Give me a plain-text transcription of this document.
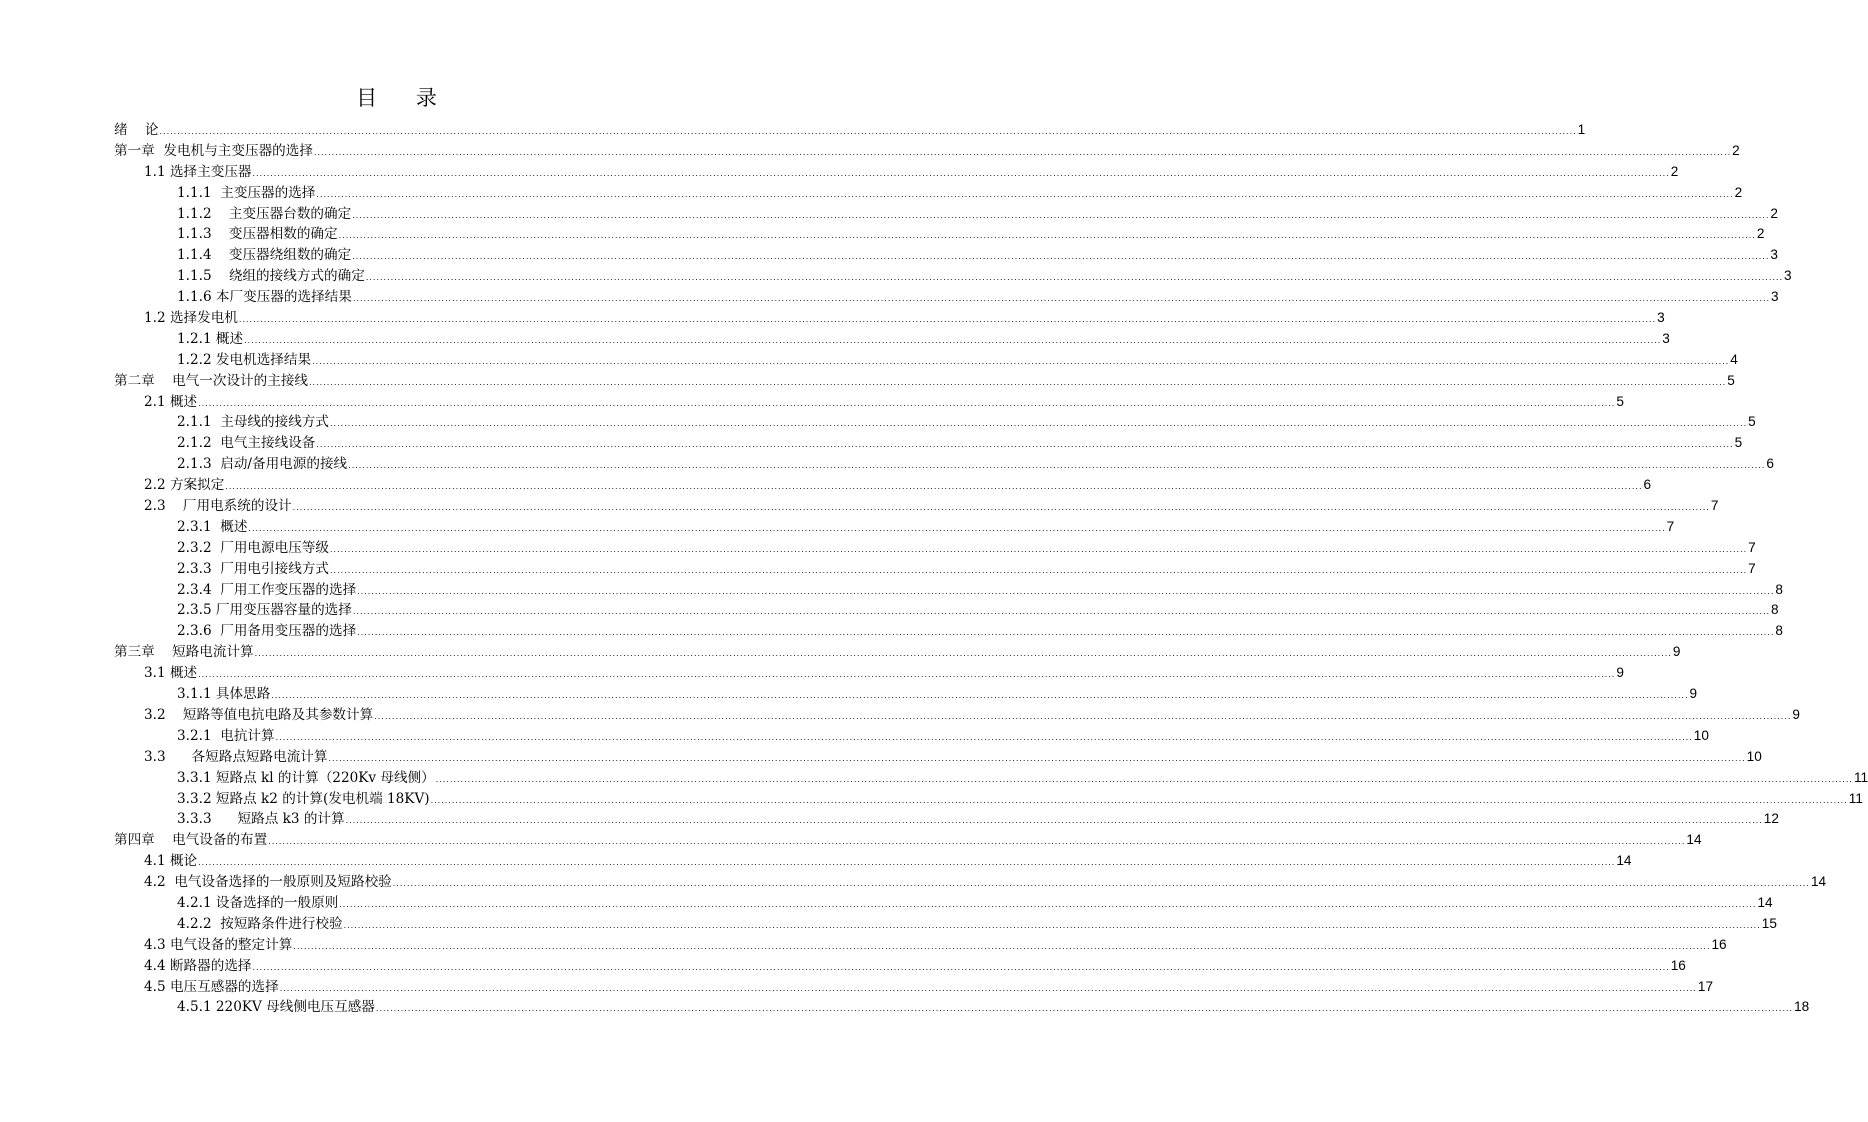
目 录
绪    论 ................................................................................................................................................................................................................................................................................................................................................................................................................ 1
第一章  发电机与主变压器的选择 ................................................................................................................................................................................................................................................................................................................................................................................................................ 2
1.1 选择主变压器 ................................................................................................................................................................................................................................................................................................................................................................................................................ 2
1.1.1  主变压器的选择 ................................................................................................................................................................................................................................................................................................................................................................................................................ 2
1.1.2    主变压器台数的确定 ................................................................................................................................................................................................................................................................................................................................................................................................................ 2
1.1.3    变压器相数的确定 ................................................................................................................................................................................................................................................................................................................................................................................................................ 2
1.1.4    变压器绕组数的确定 ................................................................................................................................................................................................................................................................................................................................................................................................................ 3
1.1.5    绕组的接线方式的确定 ................................................................................................................................................................................................................................................................................................................................................................................................................ 3
1.1.6 本厂变压器的选择结果 ................................................................................................................................................................................................................................................................................................................................................................................................................ 3
1.2 选择发电机 ................................................................................................................................................................................................................................................................................................................................................................................................................ 3
1.2.1 概述 ................................................................................................................................................................................................................................................................................................................................................................................................................ 3
1.2.2 发电机选择结果 ................................................................................................................................................................................................................................................................................................................................................................................................................ 4
第二章    电气一次设计的主接线 ................................................................................................................................................................................................................................................................................................................................................................................................................ 5
2.1 概述 ................................................................................................................................................................................................................................................................................................................................................................................................................ 5
2.1.1  主母线的接线方式 ................................................................................................................................................................................................................................................................................................................................................................................................................ 5
2.1.2  电气主接线设备 ................................................................................................................................................................................................................................................................................................................................................................................................................ 5
2.1.3  启动/备用电源的接线 ................................................................................................................................................................................................................................................................................................................................................................................................................ 6
2.2 方案拟定 ................................................................................................................................................................................................................................................................................................................................................................................................................ 6
2.3    厂用电系统的设计 ................................................................................................................................................................................................................................................................................................................................................................................................................ 7
2.3.1  概述 ................................................................................................................................................................................................................................................................................................................................................................................................................ 7
2.3.2  厂用电源电压等级 ................................................................................................................................................................................................................................................................................................................................................................................................................ 7
2.3.3  厂用电引接线方式 ................................................................................................................................................................................................................................................................................................................................................................................................................ 7
2.3.4  厂用工作变压器的选择 ................................................................................................................................................................................................................................................................................................................................................................................................................ 8
2.3.5 厂用变压器容量的选择 ................................................................................................................................................................................................................................................................................................................................................................................................................ 8
2.3.6  厂用备用变压器的选择 ................................................................................................................................................................................................................................................................................................................................................................................................................ 8
第三章    短路电流计算 ................................................................................................................................................................................................................................................................................................................................................................................................................ 9
3.1 概述 ................................................................................................................................................................................................................................................................................................................................................................................................................ 9
3.1.1 具体思路 ................................................................................................................................................................................................................................................................................................................................................................................................................ 9
3.2    短路等值电抗电路及其参数计算 ................................................................................................................................................................................................................................................................................................................................................................................................................ 9
3.2.1  电抗计算 ................................................................................................................................................................................................................................................................................................................................................................................................................ 10
3.3      各短路点短路电流计算 ................................................................................................................................................................................................................................................................................................................................................................................................................ 10
3.3.1 短路点 kl 的计算（220Kv 母线侧） ................................................................................................................................................................................................................................................................................................................................................................................................................ 11
3.3.2 短路点 k2 的计算(发电机端 18KV) ................................................................................................................................................................................................................................................................................................................................................................................................................ 11
3.3.3      短路点 k3 的计算 ................................................................................................................................................................................................................................................................................................................................................................................................................ 12
第四章    电气设备的布置 ................................................................................................................................................................................................................................................................................................................................................................................................................ 14
4.1 概论 ................................................................................................................................................................................................................................................................................................................................................................................................................ 14
4.2  电气设备选择的一般原则及短路校验 ................................................................................................................................................................................................................................................................................................................................................................................................................ 14
4.2.1 设备选择的一般原则 ................................................................................................................................................................................................................................................................................................................................................................................................................ 14
4.2.2  按短路条件进行校验 ................................................................................................................................................................................................................................................................................................................................................................................................................ 15
4.3 电气设备的整定计算 ................................................................................................................................................................................................................................................................................................................................................................................................................ 16
4.4 断路器的选择 ................................................................................................................................................................................................................................................................................................................................................................................................................ 16
4.5 电压互感器的选择 ................................................................................................................................................................................................................................................................................................................................................................................................................ 17
4.5.1 220KV 母线侧电压互感器 ................................................................................................................................................................................................................................................................................................................................................................................................................ 18
